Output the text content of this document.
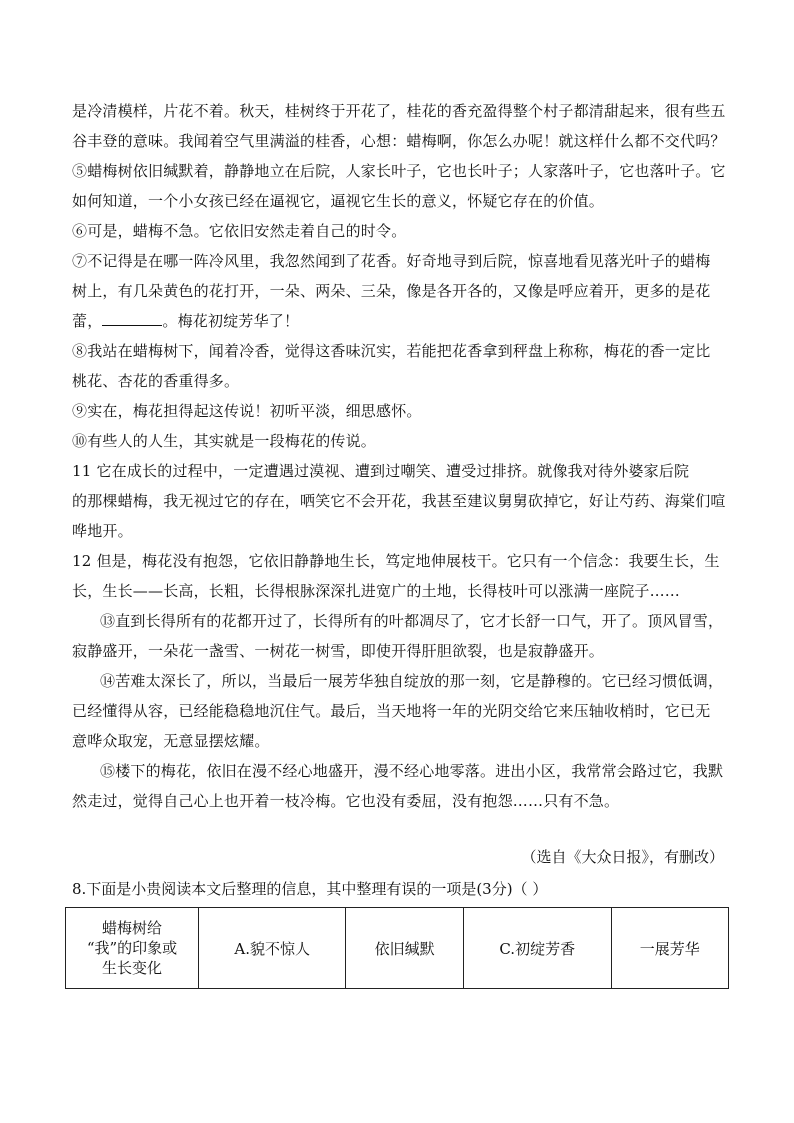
是冷清模样，片花不着。秋天，桂树终于开花了，桂花的香充盈得整个村子都清甜起来，很有些五
谷丰登的意味。我闻着空气里满溢的桂香，心想：蜡梅啊，你怎么办呢！就这样什么都不交代吗？
⑤蜡梅树依旧缄默着，静静地立在后院，人家长叶子，它也长叶子；人家落叶子，它也落叶子。它
如何知道，一个小女孩已经在逼视它，逼视它生长的意义，怀疑它存在的价值。
⑥可是，蜡梅不急。它依旧安然走着自己的时令。
⑦不记得是在哪一阵冷风里，我忽然闻到了花香。好奇地寻到后院，惊喜地看见落光叶子的蜡梅
树上，有几朵黄色的花打开，一朵、两朵、三朵，像是各开各的，又像是呼应着开，更多的是花
蕾，	。梅花初绽芳华了！
⑧我站在蜡梅树下，闻着冷香，觉得这香味沉实，若能把花香拿到秤盘上称称，梅花的香一定比
桃花、杏花的香重得多。
⑨实在，梅花担得起这传说！初听平淡，细思感怀。
⑩有些人的人生，其实就是一段梅花的传说。
11 它在成长的过程中，一定遭遇过漠视、遭到过嘲笑、遭受过排挤。就像我对待外婆家后院
的那棵蜡梅，我无视过它的存在，哂笑它不会开花，我甚至建议舅舅砍掉它，好让芍药、海棠们喧
哗地开。
12 但是，梅花没有抱怨，它依旧静静地生长，笃定地伸展枝干。它只有一个信念：我要生长，生
长，生长——长高，长粗，长得根脉深深扎进宽广的土地，长得枝叶可以涨满一座院子……
⑬直到长得所有的花都开过了，长得所有的叶都凋尽了，它才长舒一口气，开了。顶风冒雪，
寂静盛开，一朵花一盏雪、一树花一树雪，即使开得肝胆欲裂，也是寂静盛开。
⑭苦难太深长了，所以，当最后一展芳华独自绽放的那一刻，它是静穆的。它已经习惯低调，
已经懂得从容，已经能稳稳地沉住气。最后，当天地将一年的光阴交给它来压轴收梢时，它已无
意哗众取宠，无意显摆炫耀。
⑮楼下的梅花，依旧在漫不经心地盛开，漫不经心地零落。进出小区，我常常会路过它，我默
然走过，觉得自己心上也开着一枝冷梅。它也没有委屈，没有抱怨……只有不急。
（选自《大众日报》，有删改）
8.下面是小贵阅读本文后整理的信息，其中整理有误的一项是(3分)（ ）
蜡梅树给
“我”的印象或
生长变化
	A.貌不惊人	依旧缄默	C.初绽芳香	一展芳华
